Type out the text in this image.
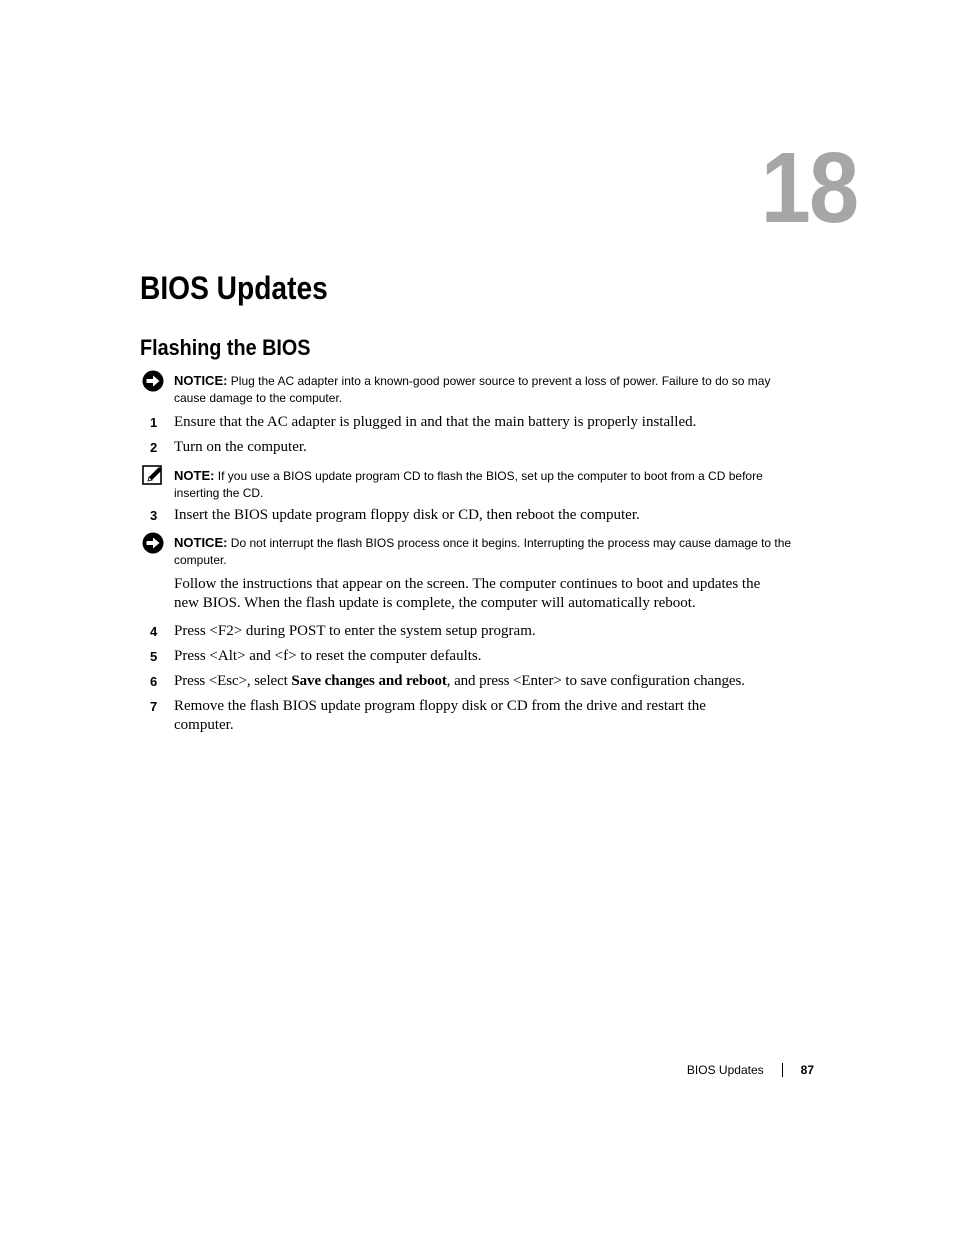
18
BIOS Updates
Flashing the BIOS
NOTICE: Plug the AC adapter into a known-good power source to prevent a loss of power. Failure to do so may cause damage to the computer.
1 Ensure that the AC adapter is plugged in and that the main battery is properly installed.
2 Turn on the computer.
NOTE: If you use a BIOS update program CD to flash the BIOS, set up the computer to boot from a CD before inserting the CD.
3 Insert the BIOS update program floppy disk or CD, then reboot the computer.
NOTICE: Do not interrupt the flash BIOS process once it begins. Interrupting the process may cause damage to the computer.
Follow the instructions that appear on the screen. The computer continues to boot and updates the new BIOS. When the flash update is complete, the computer will automatically reboot.
4 Press <F2> during POST to enter the system setup program.
5 Press <Alt> and <f> to reset the computer defaults.
6 Press <Esc>, select Save changes and reboot, and press <Enter> to save configuration changes.
7 Remove the flash BIOS update program floppy disk or CD from the drive and restart the computer.
BIOS Updates	87
